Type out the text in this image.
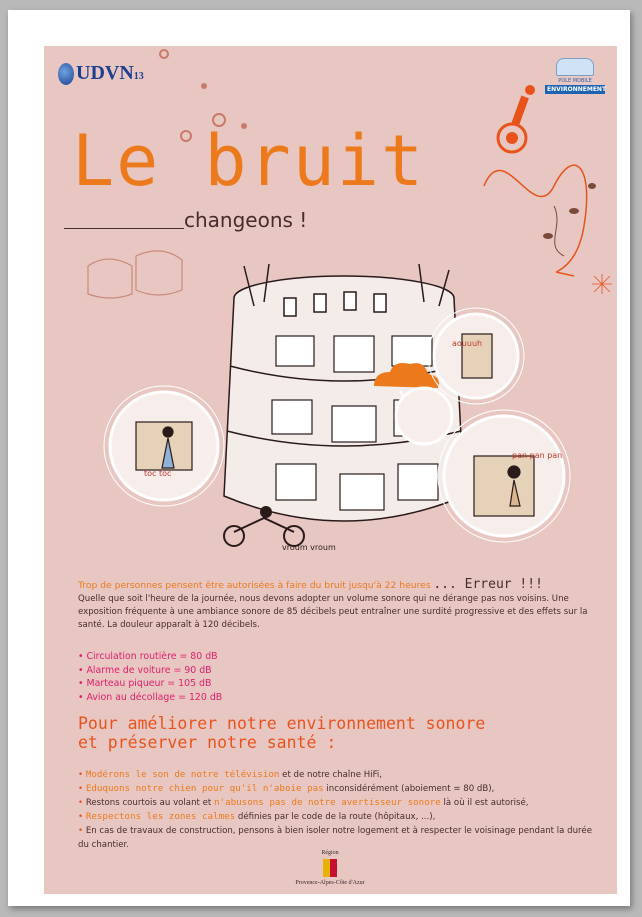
UDVN13	POLE MOBILE
ENVIRONNEMENT
Le bruit
changeons !
toc toc
aouuuh
pan pan pan
vroum vroum
Trop de personnes pensent être autorisées à faire du bruit jusqu'à 22 heures ... Erreur !!!
Quelle que soit l'heure de la journée, nous devons adopter un volume sonore qui ne dérange pas nos voisins. Une exposition fréquente à une ambiance sonore de 85 décibels peut entraîner une surdité progressive et des effets sur la santé. La douleur apparaît à 120 décibels.
• Circulation routière = 80 dB
• Alarme de voiture = 90 dB
• Marteau piqueur = 105 dB
• Avion au décollage = 120 dB
Pour améliorer notre environnement sonore
et préserver notre santé :
• Modérons le son de notre télévision et de notre chaîne HiFi,
• Eduquons notre chien pour qu'il n'aboie pas inconsidérément (aboiement = 80 dB),
• Restons courtois au volant et n'abusons pas de notre avertisseur sonore là où il est autorisé,
• Respectons les zones calmes définies par le code de la route (hôpitaux, ...),
• En cas de travaux de construction, pensons à bien isoler notre logement et à respecter le voisinage pendant la durée du chantier.
Région
Provence-Alpes-Côte d'Azur
